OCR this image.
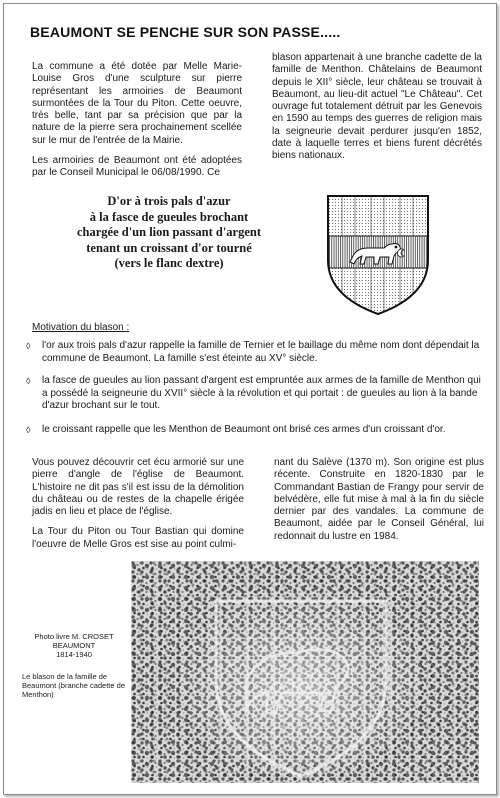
BEAUMONT SE PENCHE SUR SON PASSE.....

La commune a été dotée par Melle Marie-Louise Gros d'une sculpture sur pierre représentant les armoiries de Beaumont surmontées de la Tour du Piton. Cette oeuvre, très belle, tant par sa précision que par la nature de la pierre sera prochainement scellée sur le mur de l'entrée de la Mairie.

Les armoiries de Beaumont ont été adoptées par le Conseil Municipal le 06/08/1990. Ce

blason appartenait à une branche cadette de la famille de Menthon. Châtelains de Beaumont depuis le XII° siècle, leur château se trouvait à Beaumont, au lieu-dit actuel "Le Château". Cet ouvrage fut totalement détruit par les Genevois en 1590 au temps des guerres de religion mais la seigneurie devait perdurer jusqu'en 1852, date à laquelle terres et biens furent décrétés biens nationaux.

D'or à trois pals d'azur
à la fasce de gueules brochant
chargée d'un lion passant d'argent
tenant un croissant d'or tourné
(vers le flanc dextre)
Motivation du blason :
◊ l'or aux trois pals d'azur rappelle la famille de Ternier et le baillage du même nom dont dépendait la commune de Beaumont. La famille s'est éteinte au XV° siècle.
◊ la fasce de gueules au lion passant d'argent est empruntée aux armes de la famille de Menthon qui a possédé la seigneurie du XVII° siècle à la révolution et qui portait : de gueules au lion à la bande d'azur brochant sur le tout.
◊ le croissant rappelle que les Menthon de Beaumont ont brisé ces armes d'un croissant d'or.

Vous pouvez découvrir cet écu armorié sur une pierre d'angle de l'église de Beaumont. L'histoire ne dit pas s'il est issu de la démolition du château ou de restes de la chapelle érigée jadis en lieu et place de l'église.

La Tour du Piton ou Tour Bastian qui domine l'oeuvre de Melle Gros est sise au point culmi-

nant du Salève (1370 m). Son origine est plus récente. Construite en 1820-1830 par le Commandant Bastian de Frangy pour servir de belvédère, elle fut mise à mal à la fin du siècle dernier par des vandales. La commune de Beaumont, aidée par le Conseil Général, lui redonnait du lustre en 1984.

Photo livre M. CROSET
BEAUMONT
1814-1940
Le blason de la famille de Beaumont (branche cadette de Menthon)
